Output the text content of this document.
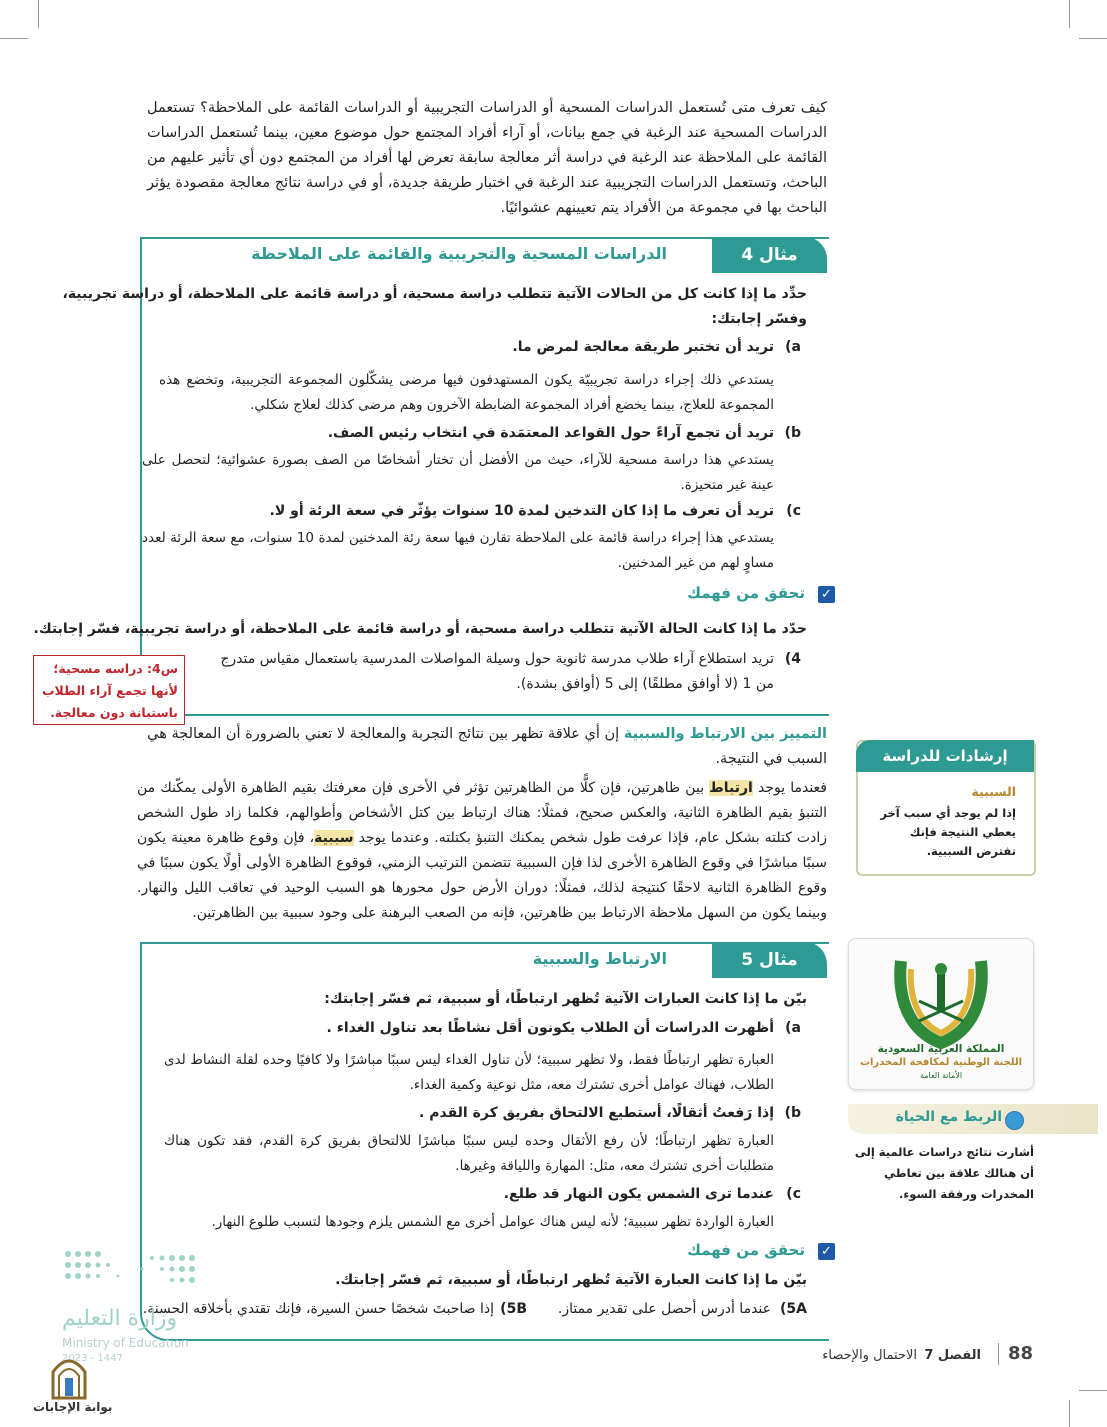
كيف تعرف متى تُستعمل الدراسات المسحية أو الدراسات التجريبية أو الدراسات القائمة على الملاحظة؟ تستعمل الدراسات المسحية عند الرغبة في جمع بيانات، أو آراء أفراد المجتمع حول موضوع معين، بينما تُستعمل الدراسات القائمة على الملاحظة عند الرغبة في دراسة أثر معالجة سابقة تعرض لها أفراد من المجتمع دون أي تأثير عليهم من الباحث، وتستعمل الدراسات التجريبية عند الرغبة في اختبار طريقة جديدة، أو في دراسة نتائج معالجة مقصودة يؤثر الباحث بها في مجموعة من الأفراد يتم تعيينهم عشوائيًا.

مثال 4
الدراسات المسحية والتجريبية والقائمة على الملاحظة
حدِّد ما إذا كانت كل من الحالات الآتية تتطلب دراسة مسحية، أو دراسة قائمة على الملاحظة، أو دراسة تجريبية،
وفسّر إجابتك:
a)
تريد أن تختبر طريقة معالجة لمرض ما.
يستدعي ذلك إجراء دراسة تجريبيّة يكون المستهدفون فيها مرضى يشكّلون المجموعة التجريبية، وتخضع هذه المجموعة للعلاج، بينما يخضع أفراد المجموعة الضابطة الآخرون وهم مرضى كذلك لعلاج شكلي.
b)
تريد أن تجمع آراءً حول القواعد المعتمَدة في انتخاب رئيس الصف.
يستدعي هذا دراسة مسحية للآراء، حيث من الأفضل أن تختار أشخاصًا من الصف بصورة عشوائية؛ لتحصل على عينة غير متحيزة.
c)
تريد أن تعرف ما إذا كان التدخين لمدة 10 سنوات يؤثّر في سعة الرئة أو لا.
يستدعي هذا إجراء دراسة قائمة على الملاحظة تقارن فيها سعة رئة المدخنين لمدة 10 سنوات، مع سعة الرئة لعدد مساوٍ لهم من غير المدخنين.
✓
تحقق من فهمك
حدّد ما إذا كانت الحالة الآتية تتطلب دراسة مسحية، أو دراسة قائمة على الملاحظة، أو دراسة تجريبية، فسّر إجابتك.
4)
تريد استطلاع آراء طلاب مدرسة ثانوية حول وسيلة المواصلات المدرسية باستعمال مقياس متدرج
من 1 (لا أوافق مطلقًا) إلى 5 (أوافق بشدة).
س4: دراسه مسحية؛
لأنها تجمع آراء الطلاب
باستبانة دون معالجة.
التمييز بين الارتباط والسببية إن أي علاقة تظهر بين نتائج التجربة والمعالجة لا تعني بالضرورة أن المعالجة هي
السبب في النتيجة.

فعندما يوجد ارتباط بين ظاهرتين، فإن كلًّا من الظاهرتين تؤثر في الأخرى فإن معرفتك بقيم الظاهرة الأولى يمكّنك من التنبؤ بقيم الظاهرة الثانية، والعكس صحيح، فمثلًا: هناك ارتباط بين كتل الأشخاص وأطوالهم، فكلما زاد طول الشخص زادت كتلته بشكل عام، فإذا عرفت طول شخص يمكنك التنبؤ بكتلته. وعندما يوجد سببية، فإن وقوع ظاهرة معينة يكون سببًا مباشرًا في وقوع الظاهرة الأخرى لذا فإن السببية تتضمن الترتيب الزمني، فوقوع الظاهرة الأولى أولًا يكون سببًا في وقوع الظاهرة الثانية لاحقًا كنتيجة لذلك، فمثلًا: دوران الأرض حول محورها هو السبب الوحيد في تعاقب الليل والنهار. وبينما يكون من السهل ملاحظة الارتباط بين ظاهرتين، فإنه من الصعب البرهنة على وجود سببية بين الظاهرتين.

إرشادات للدراسة
السببية
إذا لم يوجد أي سبب آخر يعطي النتيجة فإنك تفترض السببية.
مثال 5
الارتباط والسببية
بيّن ما إذا كانت العبارات الآتية تُظهر ارتباطًا، أو سببية، ثم فسّر إجابتك:
a)
أظهرت الدراسات أن الطلاب يكونون أقل نشاطًا بعد تناول الغداء .
العبارة تظهر ارتباطًا فقط، ولا تظهر سببية؛ لأن تناول الغداء ليس سببًا مباشرًا ولا كافيًا وحده لقلة النشاط لدى الطلاب، فهناك عوامل أخرى تشترك معه، مثل نوعية وكمية الغداء.
b)
إذا رَفعتُ أثقالًا، أستطيع الالتحاق بفريق كرة القدم .
العبارة تظهر ارتباطًا؛ لأن رفع الأثقال وحده ليس سببًا مباشرًا للالتحاق بفريق كرة القدم، فقد تكون هناك متطلبات أخرى تشترك معه، مثل: المهارة واللياقة وغيرها.
c)
عندما ترى الشمس يكون النهار قد طلع.
العبارة الواردة تظهر سببية؛ لأنه ليس هناك عوامل أخرى مع الشمس يلزم وجودها لتسبب طلوع النهار.
✓
تحقق من فهمك
بيّن ما إذا كانت العبارة الآتية تُظهر ارتباطًا، أو سببية، ثم فسّر إجابتك.
5A)
عندما أدرس أحصل على تقدير ممتاز.
5B)
إذا صاحبتَ شخصًا حسن السيرة، فإنك تقتدي بأخلاقه الحسنة.
المملكة العربية السعودية
اللجنة الوطنية لمكافحة المخدرات
الأمانة العامة
الربط مع الحياة
أشارت نتائج دراسات عالمية إلى أن هنالك علاقة بين تعاطي المخدرات ورفقة السوء.
وزارة التعليم
Ministry of Education
2023 - 1447	88
الفصل 7
الاحتمال والإحصاء
بوابة الإجابات
